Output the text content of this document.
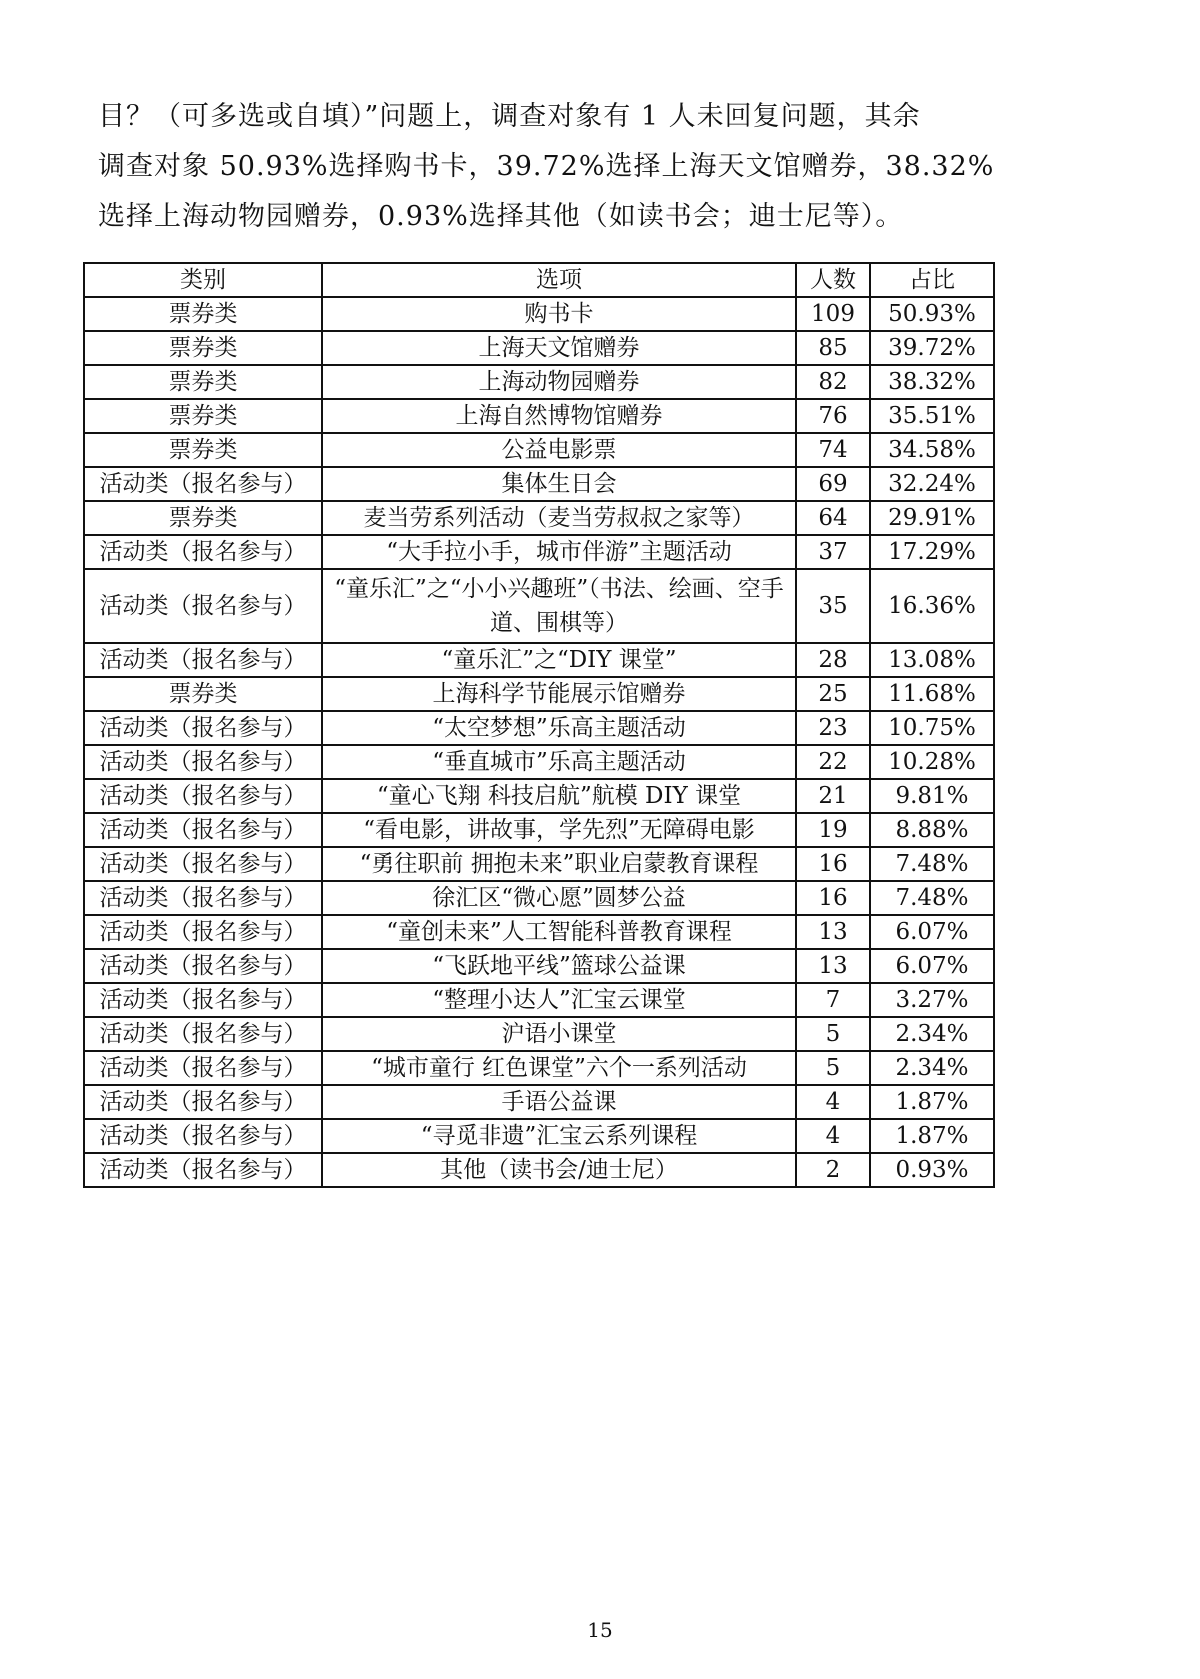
目？（可多选或自填）”问题上，调查对象有 1 人未回复问题，其余

调查对象 50.93%选择购书卡，39.72%选择上海天文馆赠券，38.32%

选择上海动物园赠券，0.93%选择其他（如读书会；迪士尼等）。

类别	选项	人数	占比
票券类	购书卡	109	50.93%
票券类	上海天文馆赠券	85	39.72%
票券类	上海动物园赠券	82	38.32%
票券类	上海自然博物馆赠券	76	35.51%
票券类	公益电影票	74	34.58%
活动类（报名参与）	集体生日会	69	32.24%
票券类	麦当劳系列活动（麦当劳叔叔之家等）	64	29.91%
活动类（报名参与）	“大手拉小手，城市伴游”主题活动	37	17.29%
活动类（报名参与）	“童乐汇”之“小小兴趣班”（书法、绘画、空手道、围棋等）	35	16.36%
活动类（报名参与）	“童乐汇”之“DIY 课堂”	28	13.08%
票券类	上海科学节能展示馆赠券	25	11.68%
活动类（报名参与）	“太空梦想”乐高主题活动	23	10.75%
活动类（报名参与）	“垂直城市”乐高主题活动	22	10.28%
活动类（报名参与）	“童心飞翔 科技启航”航模 DIY 课堂	21	9.81%
活动类（报名参与）	“看电影，讲故事，学先烈”无障碍电影	19	8.88%
活动类（报名参与）	“勇往职前 拥抱未来”职业启蒙教育课程	16	7.48%
活动类（报名参与）	徐汇区“微心愿”圆梦公益	16	7.48%
活动类（报名参与）	“童创未来”人工智能科普教育课程	13	6.07%
活动类（报名参与）	“飞跃地平线”篮球公益课	13	6.07%
活动类（报名参与）	“整理小达人”汇宝云课堂	7	3.27%
活动类（报名参与）	沪语小课堂	5	2.34%
活动类（报名参与）	“城市童行 红色课堂”六个一系列活动	5	2.34%
活动类（报名参与）	手语公益课	4	1.87%
活动类（报名参与）	“寻觅非遗”汇宝云系列课程	4	1.87%
活动类（报名参与）	其他（读书会/迪士尼）	2	0.93%
15
